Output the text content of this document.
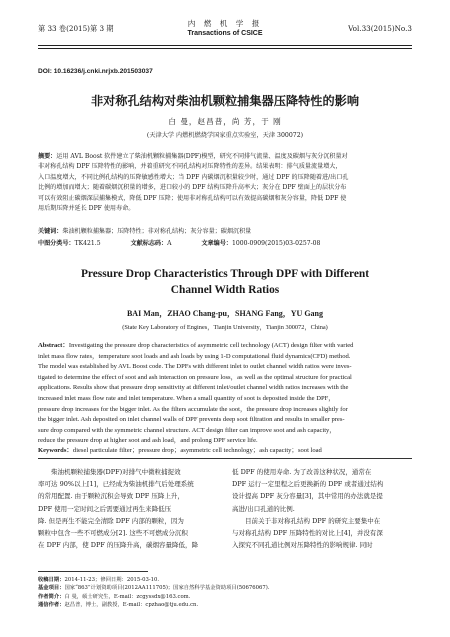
第 33 卷(2015)第 3 期
内 燃 机 学 报
Transactions of CSICE
Vol.33(2015)No.3
DOI: 10.16236/j.cnki.nrjxb.201503037
非对称孔结构对柴油机颗粒捕集器压降特性的影响
白 曼，赵昌普，尚 芳，于 刚
(天津大学 内燃机燃烧学国家重点实验室，天津 300072)
摘要：运用 AVL Boost 软件建立了柴油机颗粒捕集器(DPF)模型，研究不同排气流量、温度及碳烟与灰分沉积量对
非对称孔结构 DPF 压降特性的影响，并着重研究不同孔结构对压降特性的差异。结果表明：排气质量流量增大，
入口温度增大，不同比例孔结构的压降敏感性增大；当 DPF 内碳烟沉积量较少时，通过 DPF 的压降随着进/出口孔
比例的增加而增大；随着碳烟沉积量的增多，进口较小的 DPF 结构压降升高率大；灰分在 DPF 壁面上的层状分布
可以有效阻止碳烟深层捕集模式，降低 DPF 压降；使用非对称孔结构可以有效提高碳烟和灰分容量，降低 DPF 使
用后期压降并延长 DPF 使用寿命。
关键词：柴油机颗粒捕集器；压降特性；非对称孔结构；灰分容量；碳烟沉积量
中图分类号：TK421.5	文献标志码：A	文章编号：1000-0909(2015)03-0257-08
Pressure Drop Characteristics Through DPF with Different
Channel Width Ratios
BAI Man，ZHAO Chang-pu，SHANG Fang，YU Gang
(State Key Laboratory of Engines，Tianjin University，Tianjin 300072，China)
Abstract：Investigating the pressure drop characteristics of asymmetric cell technology (ACT) design filter with varied
inlet mass flow rates，temperature soot loads and ash loads by using 1-D computational fluid dynamics(CFD) method.
The model was established by AVL Boost code. The DPFs with different inlet to outlet channel width ratios were inves-
tigated to determine the effect of soot and ash interaction on pressure loss，as well as the optimal structure for practical
applications. Results show that pressure drop sensitivity at different inlet/outlet channel width ratios increases with the
increased inlet mass flow rate and inlet temperature. When a small quantity of soot is deposited inside the DPF，
pressure drop increases for the bigger inlet. As the filters accumulate the soot，the pressure drop increases slightly for
the bigger inlet. Ash deposited on inlet channel walls of DPF prevents deep soot filtration and results in smaller pres-
sure drop compared with the symmetric channel structure. ACT design filter can improve soot and ash capacity，
reduce the pressure drop at higher soot and ash load，and prolong DPF service life.
Keywords：diesel particulate filter；pressure drop；asymmetric cell technology；ash capacity；soot load

柴油机颗粒捕集器(DPF)对排气中微粒捕捉效

率可达 90%以上[1]，已经成为柴油机排气后处理系统
的常用配置. 由于颗粒沉积会导致 DPF 压降上升，
DPF 使用一定时间之后需要通过再生来降低压
降. 但是再生不能完全清除 DPF 内部的颗粒，因为
颗粒中包含一些不可燃成分[2]. 这些不可燃成分沉积
在 DPF 内部，使 DPF 的压降升高，碳烟容量降低，降
低 DPF 的使用寿命. 为了改善这种状况，通常在
DPF 运行一定里程之后更换新的 DPF 或者通过结构
设计提高 DPF 灰分容量[3]，其中常用的办法就是提
高进/出口孔道的比例.

目前关于非对称孔结构 DPF 的研究主要集中在

与对称孔结构 DPF 压降特性的对比上[4]，并没有深
入探究不同孔道比例对压降特性的影响规律. 同时
收稿日期：2014-11-23；修回日期：2015-03-10.
基金项目：国家“863”计划资助项目(2012AA111705)；国家自然科学基金资助项目(50676067).
作者简介：白 曼，硕士研究生，E-mail：zcgyssdx@163.com.
通信作者：赵昌普，博士，副教授，E-mail：cpzhao@tju.edu.cn.
